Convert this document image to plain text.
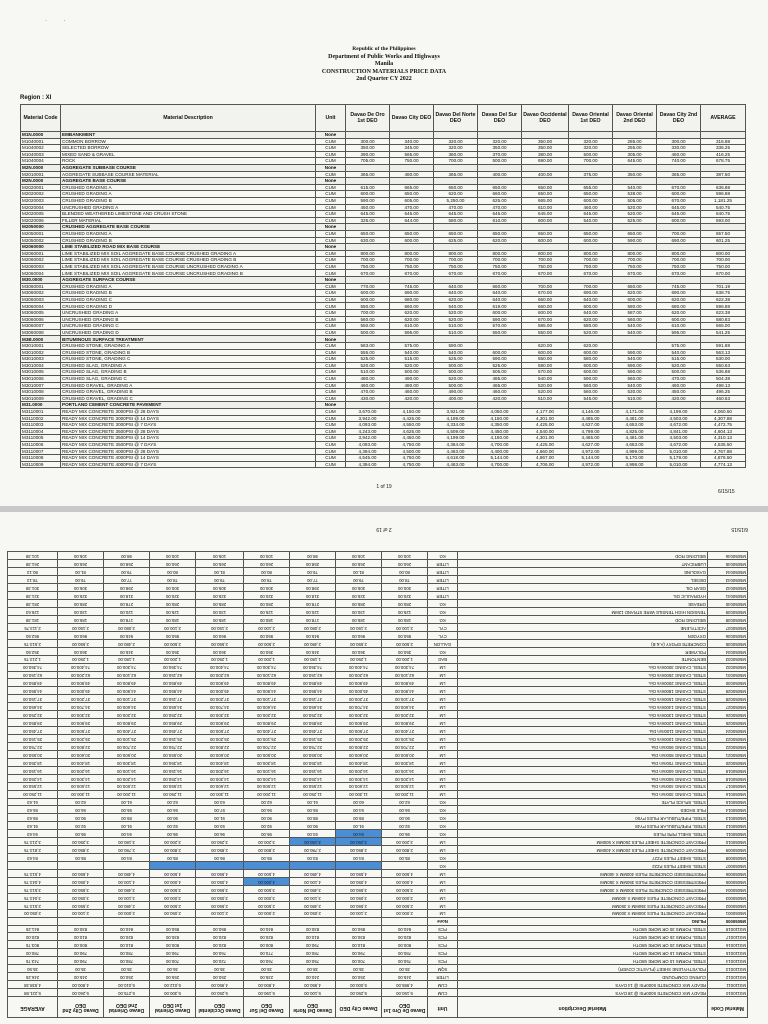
·          ·
Republic of the Philippines
Department of Public Works and Highways
Manila
CONSTRUCTION MATERIALS PRICE DATA
2nd Quarter CY 2022
Region : XI
Material Code	Material Description	Unit	Davao De Oro 1st DEO	Davao City DEO	Davao Del Norte DEO	Davao Del Sur DEO	Davao Occidental DEO	Davao Oriental 1st DEO	Davao Oriental 2nd DEO	Davao City 2nd DEO	AVERAGE
M1N.0000	EMBANKMENT	None									
M1040001	COMMON BORROW	CUM	300.00	340.00	320.00	320.00	350.00	320.00	285.00	300.00	316.88
M1040002	SELECTED BORROW	CUM	350.00	345.00	320.00	350.00	350.00	320.00	255.00	330.00	336.25
M1040003	MIXED SAND & GRAVEL	CUM	390.00	565.00	360.00	370.00	380.00	500.00	305.00	460.00	416.25
M1040004	ROCK	CUM	705.00	750.00	700.00	500.00	690.00	700.00	645.00	740.00	678.75
M2N.0000	AGGREGATE SUBBASE COURSE	None									
M2010001	AGGREGATE SUBBASE COURSE MATERIAL	CUM	365.00	480.00	365.00	400.00	400.00	375.00	350.00	365.00	387.50
M2N.0000	AGGREGATE BASE COURSE	None									
M2020001	CRUSHED GRADING A	CUM	615.00	665.00	650.00	650.00	650.00	655.00	540.00	670.00	636.88
M2020002	CRUSHED GRADING A	CUM	600.00	650.00	620.00	660.00	650.00	650.00	538.00	600.00	596.88
M2020003	CRUSHED GRADING B	CUM	590.00	605.00	5,250.00	625.00	665.00	600.00	505.00	670.00	1,181.25
M2020004	UNCRUSHED GRADING A	CUM	450.00	470.00	470.00	470.00	610.00	460.00	520.00	645.00	540.75
M2020005	BLENDED WEATHERED LIMESTONE AND CRUSH STONE	CUM	645.00	645.00	645.00	645.00	645.00	645.00	520.00	645.00	640.75
M2020006	FILLER MATERIAL	CUM	325.00	644.00	580.00	610.00	600.00	540.00	525.00	600.00	593.00
M2050000	CRUSHED AGGREGATE BASE COURSE	None									
M2050001	CRUSHED GRADING A	CUM	650.00	650.00	650.00	650.00	650.00	650.00	650.00	700.00	657.50
M2050002	CRUSHED GRADING B	CUM	630.00	600.00	625.00	620.00	600.00	600.00	590.00	690.00	601.25
M2060000	LIME STABILIZED ROAD MIX BASE COURSE	None									
M2060001	LIME STABILIZED MIX SOIL AGGREGATE BASE COURSE CRUSHED GRADING A	CUM	800.00	800.00	800.00	800.00	800.00	800.00	800.00	800.00	800.00
M2060002	LIME STABILIZED MIX SOIL AGGREGATE BASE COURSE CRUSHED GRADING B	CUM	700.00	700.00	700.00	700.00	700.00	700.00	700.00	700.00	700.00
M2060003	LIME STABILIZED MIX SOIL AGGREGATE BASE COURSE UNCRUSHED GRADING A	CUM	750.00	750.00	750.00	750.00	750.00	750.00	750.00	750.00	750.00
M2060004	LIME STABILIZED MIX SOIL AGGREGATE BASE COURSE UNCRUSHED GRADING B	CUM	670.00	670.00	670.00	670.00	670.00	670.00	670.00	670.00	670.00
M30.0000	AGGREGATE SURFACE COURSE	None									
M3060001	CRUSHED GRADING A	CUM	770.00	745.00	640.00	660.00	700.00	700.00	650.00	745.00	701.19
M3060002	CRUSHED GRADING B	CUM	600.00	690.00	640.00	640.00	670.00	690.00	620.00	690.00	638.75
M3060003	CRUSHED GRADING C	CUM	600.00	680.00	620.00	640.00	660.00	640.00	600.00	620.00	622.38
M3060004	CRUSHED GRADING D	CUM	550.00	660.00	540.00	619.00	660.00	600.00	580.00	680.00	596.88
M3060005	UNCRUSHED GRADING A	CUM	700.00	620.00	520.00	600.00	600.00	640.00	587.00	620.00	623.38
M3060006	UNCRUSHED GRADING B	CUM	560.00	620.00	520.00	590.00	670.00	620.00	560.00	600.00	580.83
M3060007	UNCRUSHED GRADING C	CUM	550.00	610.00	510.00	570.00	585.00	580.00	540.00	610.00	565.00
M3060008	UNCRUSHED GRADING D	CUM	500.00	595.00	510.00	550.00	550.00	520.00	540.00	595.00	541.25
M3B.0000	BITUMINOUS SURFACE TREATMENT	None									
M3010001	CRUSHED STONE, GRADING A	CUM	583.00	575.00	590.00		620.00	620.00		575.00	591.88
M3010002	CRUSHED STONE, GRADING B	CUM	555.00	540.00	540.00	600.00	600.00	600.00	590.00	540.00	563.13
M3010003	CRUSHED STONE, GRADING C	CUM	525.00	515.00	525.00	590.00	550.00	580.00	540.00	515.00	530.00
M3010004	CRUSHED SLAG, GRADING A	CUM	520.00	520.00	500.00	525.00	580.00	600.00	590.00	520.00	550.63
M3010005	CRUSHED SLAG, GRADING B	CUM	510.00	500.00	500.00	505.00	570.00	600.00	590.00	500.00	536.88
M3010006	CRUSHED SLAG, GRADING C	CUM	480.00	490.00	520.00	485.00	540.00	590.00	560.00	470.00	504.38
M3010007	CRUSHED GRAVEL, GRADING A	CUM	460.00	480.00	500.00	465.00	520.00	560.00	540.00	460.00	498.13
M3010008	CRUSHED GRAVEL, GRADING B	CUM	470.00	460.00	490.00	460.00	520.00	560.00	530.00	450.00	496.25
M3010009	CRUSHED GRAVEL, GRADING C	CUM	430.00	420.00	400.00	420.00	510.00	545.00	510.00	420.00	460.63
M31.0000	PORTLAND CEMENT CONCRETE PAVEMENT	None									
M3110001	READY MIX CONCRETE 3000PSI @ 28 DAYS	CUM	3,670.00	4,150.00	3,921.00	4,050.00	4,177.00	4,146.00	4,171.00	4,199.00	4,060.50
M3110002	READY MIX CONCRETE 3000PSI @ 14 DAYS	CUM	3,942.00	4,425.00	4,199.00	4,150.00	4,301.00	4,465.00	4,481.00	4,503.00	4,307.88
M3110003	READY MIX CONCRETE 3000PSI @ 7 DAYS	CUM	4,093.00	4,550.00	4,334.00	4,350.00	4,425.00	4,627.00	4,653.00	4,672.00	4,472.75
M3110004	READY MIX CONCRETE 3500PSI @ 28 DAYS	CUM	4,243.00	4,625.00	4,509.00	4,450.00	4,540.00	4,799.00	4,825.00	4,841.00	4,604.13
M3110005	READY MIX CONCRETE 3500PSI @ 14 DAYS	CUM	3,942.00	4,450.00	4,199.00	4,150.00	4,301.00	4,465.00	4,481.00	4,503.00	4,310.13
M3110006	READY MIX CONCRETE 3500PSI @ 7 DAYS	CUM	4,093.00	4,750.00	4,364.00	4,700.00	4,425.00	4,627.00	4,653.00	4,672.00	4,535.50
M3110007	READY MIX CONCRETE 4000PSI @ 28 DAYS	CUM	4,394.00	4,500.00	4,463.00	4,400.00	4,660.00	4,972.00	4,999.00	5,010.00	4,767.88
M3110008	READY MIX CONCRETE 4000PSI @ 14 DAYS	CUM	4,545.00	4,750.00	4,618.00	5,144.00	4,867.00	5,144.00	5,170.00	5,179.00	4,876.50
M3110009	READY MIX CONCRETE 4000PSI @ 7 DAYS	CUM	4,394.00	4,750.00	4,463.00	4,700.00	4,706.00	4,972.00	4,998.00	5,010.00	4,774.13
1 of 19
6/15/15
Material Code	Material Description	Unit	Davao De Oro 1st DEO	Davao City DEO	Davao Del Norte DEO	Davao Del Sur DEO	Davao Occidental DEO	Davao Oriental 1st DEO	Davao Oriental 2nd DEO	Davao City 2nd DEO	AVERAGE
M3110010	READY MIX CONCRETE 5000PSI @ 28 DAYS	CUM	5,150.00	5,250.00	5,100.00	5,190.00	5,250.00	5,300.00	5,275.00	5,260.00	5,221.88
M3110011	READY MIX CONCRETE 5000PSI @ 14 DAYS	CUM	4,985.00	5,000.00	4,950.00	4,800.00	4,950.00	5,012.00	5,010.00	4,800.00	4,938.38
M3110012	CURING COMPOUND	LITER	245.00	250.00	240.00	235.00	250.00	255.00	250.00	245.00	246.25
M3110013	POLYETHYLENE SHEET (PLASTIC COVER)	SQM	35.00	35.00	38.00	35.00	35.00	36.00	35.00	35.00	35.50
M3110014	STEEL FORMS 10 OR MORE WIDTH	PCS	750.00	700.00	750.00	760.00	720.00	700.00	780.00	790.00	743.75
M3110015	STEEL FORMS 15 OR MORE WIDTH	PCS	780.00	790.00	780.00	770.00	760.00	790.00	780.00	790.00	780.00
M3110016	STEEL FORMS 20 OR MORE WIDTH	PCS	800.00	810.00	790.00	800.00	820.00	800.00	810.00	800.00	803.75
M3110017	STEEL FORMS 25 OR MORE WIDTH	PCS	820.00	830.00	810.00	820.00	820.00	830.00	820.00	810.00	820.00
M3110018	STEEL FORMS 30 OR MORE WIDTH	PCS	840.00	850.00	830.00	840.00	850.00	850.00	840.00	830.00	841.25
M5050000	PILING	None									
M5050001	PRECAST CONCRETE PILES 300MM X 300MM	LM	2,000.00	2,100.00	2,050.00	2,000.00	2,100.00	2,050.00	2,000.00	2,100.00	2,050.00
M5050002	PRECAST CONCRETE PILES 350MM X 350MM	LM	2,500.00	2,550.00	2,480.00	2,500.00	2,550.00	2,500.00	2,480.00	2,550.00	2,513.75
M5050003	PRECAST CONCRETE PILES 400MM X 400MM	LM	3,000.00	3,050.00	3,100.00	3,000.00	3,050.00	3,000.00	3,100.00	3,050.00	3,043.75
M5050004	PRESTRESSED CONCRETE PILES 300MM X 300MM	LM	3,500.00	3,550.00	3,480.00	3,500.00	3,550.00	3,500.00	3,480.00	3,550.00	3,513.75
M5050005	PRESTRESSED CONCRETE PILES 350MM X 350MM	LM	4,000.00	4,050.00	4,100.00	4,000.00	4,050.00	4,000.00	4,100.00	4,050.00	4,043.75
M5050006	PRESTRESSED CONCRETE PILES 400MM X 400MM	LM	4,500.00	4,550.00	4,480.00	4,500.00	4,550.00	4,500.00	4,480.00	4,550.00	4,513.75
M5050007	STEEL SHEET PILES PZ22	KG									
M5050008	STEEL SHEET PILES PZ27	KG	85.00	84.00	83.00	85.00	86.00	85.00	84.00	85.00	84.63
M5050009	PRECAST CONCRETE SHEET PILES 200MM X 400MM	LM	2,800.00	2,850.00	2,780.00	2,800.00	2,850.00	2,800.00	2,780.00	2,850.00	2,813.75
M5050010	PRECAST CONCRETE SHEET PILES 250MM X 500MM	LM	3,200.00	3,250.00	3,180.00	3,200.00	3,250.00	3,200.00	3,180.00	3,250.00	3,213.75
M5050011	STEEL SHELL PIPE PILES	KG	95.00	94.00	93.00	95.00	96.00	95.00	94.00	95.00	94.63
M5050012	STEEL PIPE/TUBULAR PILES PY48	KG	92.00	91.00	90.00	92.00	93.00	92.00	91.00	92.00	91.63
M5050013	STEEL PIPE/TUBULAR PILES PY50	KG	90.00	89.00	88.00	90.00	91.00	90.00	89.00	90.00	89.63
M5050014	PILE SHOES	KG	56.00	54.00	55.00	56.00	57.00	56.00	55.00	56.00	55.63
M5050015	STEEL SPLICE PLATE	KG	62.00	60.00	61.00	62.00	63.00	62.00	61.00	62.00	61.63
M5050016	STEEL CASING 300mm Dia.	LM	11,200.00	11,300.00	11,250.00	11,200.00	11,300.00	11,250.00	11,200.00	11,300.00	11,250.00
M5050017	STEEL CASING 400mm Dia.	LM	12,500.00	12,600.00	12,550.00	12,500.00	12,600.00	12,550.00	12,500.00	12,600.00	12,550.00
M5050018	STEEL CASING 500mm Dia.	LM	14,200.00	14,300.00	14,250.00	14,200.00	14,300.00	14,250.00	14,200.00	14,300.00	14,250.00
M5050019	STEEL CASING 600mm Dia.	LM	16,100.00	16,200.00	16,150.00	16,100.00	16,200.00	16,150.00	16,100.00	16,200.00	16,150.00
M5050020	STEEL CASING 700mm Dia.	LM	18,300.00	18,400.00	18,350.00	18,300.00	18,400.00	18,350.00	18,300.00	18,400.00	18,350.00
M5050021	STEEL CASING 800mm Dia.	LM	20,500.00	20,600.00	20,550.00	20,500.00	20,600.00	20,550.00	20,500.00	20,600.00	20,550.00
M5050022	STEEL CASING 900mm Dia.	LM	22,700.00	22,800.00	22,750.00	22,700.00	22,800.00	22,750.00	22,700.00	22,800.00	22,750.00
M5050023	STEEL CASING 1000mm Dia.	LM	25,100.00	25,200.00	25,150.00	25,100.00	25,200.00	25,150.00	25,100.00	25,200.00	25,150.00
M5050024	STEEL CASING 1100mm Dia.	LM	27,400.00	27,500.00	27,450.00	27,400.00	27,500.00	27,450.00	27,400.00	27,500.00	27,450.00
M5050025	STEEL CASING 1200mm Dia.	LM	29,800.00	29,900.00	29,850.00	29,800.00	29,900.00	29,850.00	29,800.00	29,900.00	29,850.00
M5050026	STEEL CASING 1300mm Dia.	LM	32,200.00	32,300.00	32,250.00	32,200.00	32,300.00	32,250.00	32,200.00	32,300.00	32,250.00
M5050027	STEEL CASING 1400mm Dia.	LM	34,600.00	34,700.00	34,650.00	34,600.00	34,700.00	34,650.00	34,600.00	34,700.00	34,650.00
M5050028	STEEL CASING 1500mm Dia.	LM	37,100.00	37,200.00	37,150.00	37,100.00	37,200.00	37,150.00	37,100.00	37,200.00	37,150.00
M5050029	STEEL CASING 1800mm Dia.	LM	44,900.00	45,000.00	44,950.00	44,900.00	45,000.00	44,950.00	44,900.00	45,000.00	44,950.00
M5050030	STEEL CASING 2000mm Dia.	LM	49,800.00	49,900.00	49,850.00	49,800.00	49,900.00	49,850.00	49,800.00	49,900.00	49,850.00
M5050031	STEEL CASING 2500mm Dia.	LM	62,100.00	62,200.00	62,150.00	62,100.00	62,200.00	62,150.00	62,100.00	62,200.00	62,150.00
M5050032	STEEL CASING 3000mm Dia.	LM	74,300.00	74,400.00	74,350.00	74,300.00	74,400.00	74,350.00	74,300.00	74,400.00	74,350.00
M5050033	BENTONITE	BAG	1,200.00	1,250.00	1,180.00	1,200.00	1,250.00	1,200.00	1,180.00	1,250.00	1,213.75
M5050034	POLYMER	KG	350.00	360.00	345.00	350.00	360.00	350.00	345.00	360.00	352.50
M5050035	CONCRETE EPOXY (A & B)	GALLON	2,500.00	2,550.00	2,480.00	2,500.00	2,550.00	2,500.00	2,480.00	2,550.00	2,513.75
M5050036	OXYGEN	CYL	950.00	960.00	945.00	950.00	960.00	950.00	945.00	960.00	952.50
M5050037	ACETYLENE	CYL	2,100.00	2,150.00	2,080.00	2,100.00	2,150.00	2,100.00	2,080.00	2,150.00	2,113.75
M5050038	WELDING ROD	KG	180.00	185.00	178.00	180.00	185.00	180.00	178.00	185.00	181.38
M5050039	TENSION HIGH TENSILE WIRE STRAND 12MM	KG	125.00	130.00	120.00	125.00	130.00	125.00	120.00	130.00	125.63
M5050040	GREASE	KG	280.00	285.00	278.00	280.00	285.00	280.00	278.00	285.00	281.38
M5050041	HYDRAULIC OIL	LITER	320.00	325.00	318.00	320.00	325.00	320.00	318.00	325.00	321.38
M5050042	GEAR OIL	LITER	300.00	305.00	298.00	300.00	305.00	300.00	298.00	305.00	301.38
M5050043	DIESEL	LITER	78.00	79.00	77.00	78.00	79.00	78.00	77.00	79.00	78.13
M5050044	GASOLINE	LITER	80.00	81.00	79.00	80.00	81.00	80.00	79.00	81.00	80.13
M5050045	LUBRICANT	LITER	260.00	265.00	258.00	260.00	265.00	260.00	258.00	265.00	261.38
M5050046	WELDING ROD	KG	100.00	105.00	98.00	100.00	105.00	100.00	98.00	105.00	101.38
2 of 19	6/15/15
